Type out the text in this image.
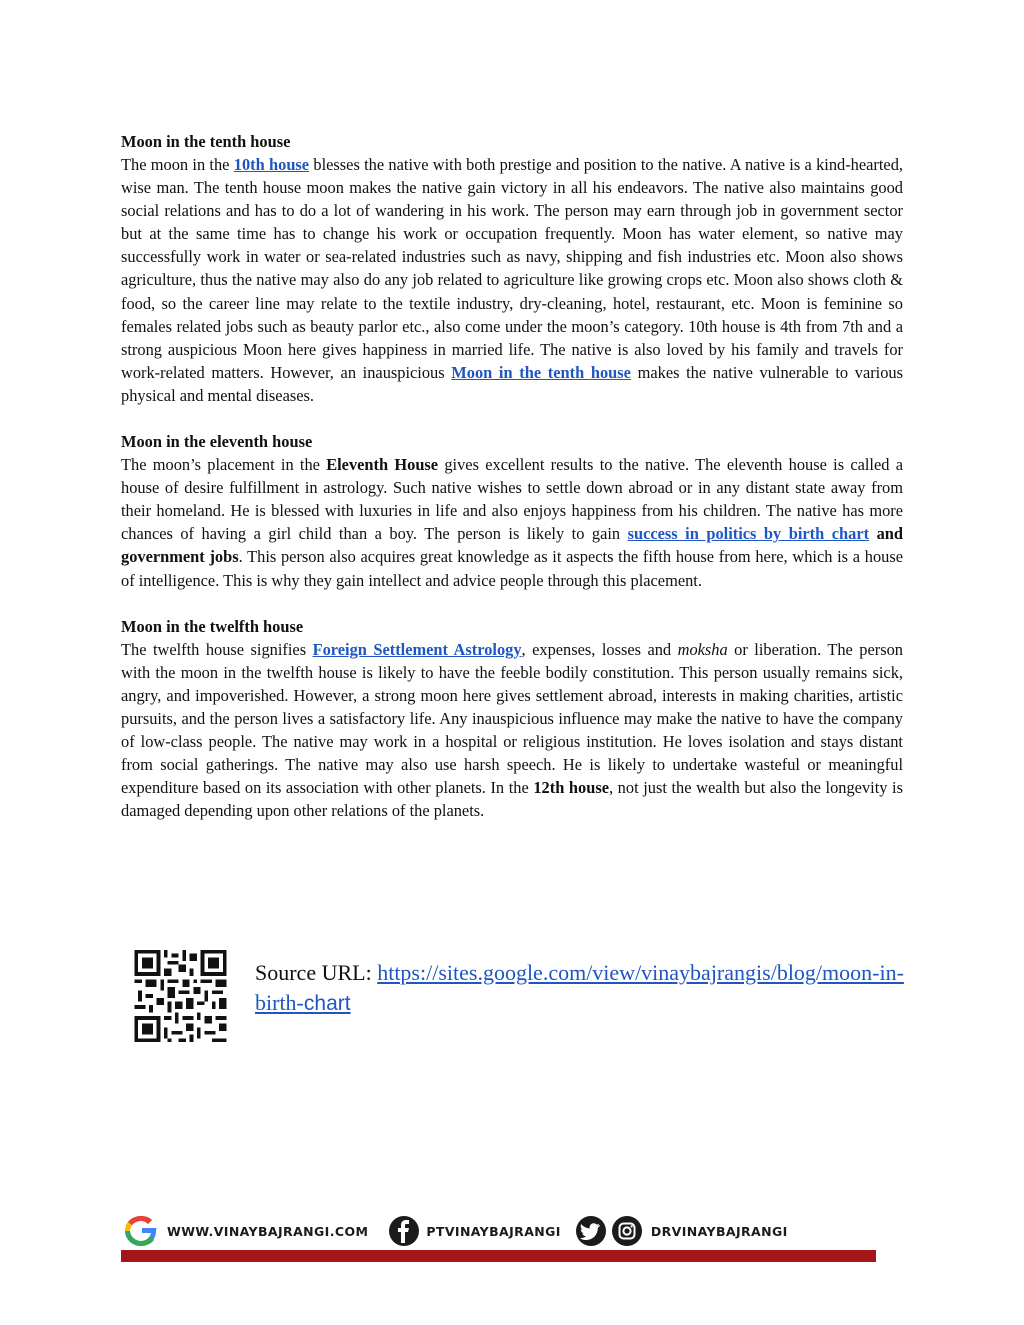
Moon in the tenth house
The moon in the 10th house blesses the native with both prestige and position to the native. A native is a kind-hearted, wise man. The tenth house moon makes the native gain victory in all his endeavors. The native also maintains good social relations and has to do a lot of wandering in his work. The person may earn through job in government sector but at the same time has to change his work or occupation frequently. Moon has water element, so native may successfully work in water or sea-related industries such as navy, shipping and fish industries etc. Moon also shows agriculture, thus the native may also do any job related to agriculture like growing crops etc. Moon also shows cloth & food, so the career line may relate to the textile industry, dry-cleaning, hotel, restaurant, etc. Moon is feminine so females related jobs such as beauty parlor etc., also come under the moon’s category. 10th house is 4th from 7th and a strong auspicious Moon here gives happiness in married life. The native is also loved by his family and travels for work-related matters. However, an inauspicious Moon in the tenth house makes the native vulnerable to various physical and mental diseases.
Moon in the eleventh house
The moon’s placement in the Eleventh House gives excellent results to the native. The eleventh house is called a house of desire fulfillment in astrology. Such native wishes to settle down abroad or in any distant state away from their homeland. He is blessed with luxuries in life and also enjoys happiness from his children. The native has more chances of having a girl child than a boy. The person is likely to gain success in politics by birth chart and government jobs. This person also acquires great knowledge as it aspects the fifth house from here, which is a house of intelligence. This is why they gain intellect and advice people through this placement.
Moon in the twelfth house
The twelfth house signifies Foreign Settlement Astrology, expenses, losses and moksha or liberation. The person with the moon in the twelfth house is likely to have the feeble bodily constitution. This person usually remains sick, angry, and impoverished. However, a strong moon here gives settlement abroad, interests in making charities, artistic pursuits, and the person lives a satisfactory life. Any inauspicious influence may make the native to have the company of low-class people. The native may work in a hospital or religious institution. He loves isolation and stays distant from social gatherings. The native may also use harsh speech. He is likely to undertake wasteful or meaningful expenditure based on its association with other planets. In the 12th house, not just the wealth but also the longevity is damaged depending upon other relations of the planets.
Source URL: https://sites.google.com/view/vinaybajrangis/blog/moon-in-birth-chart
WWW.VINAYBAJRANGI.COM	PTVINAYBAJRANGI	DRVINAYBAJRANGI
